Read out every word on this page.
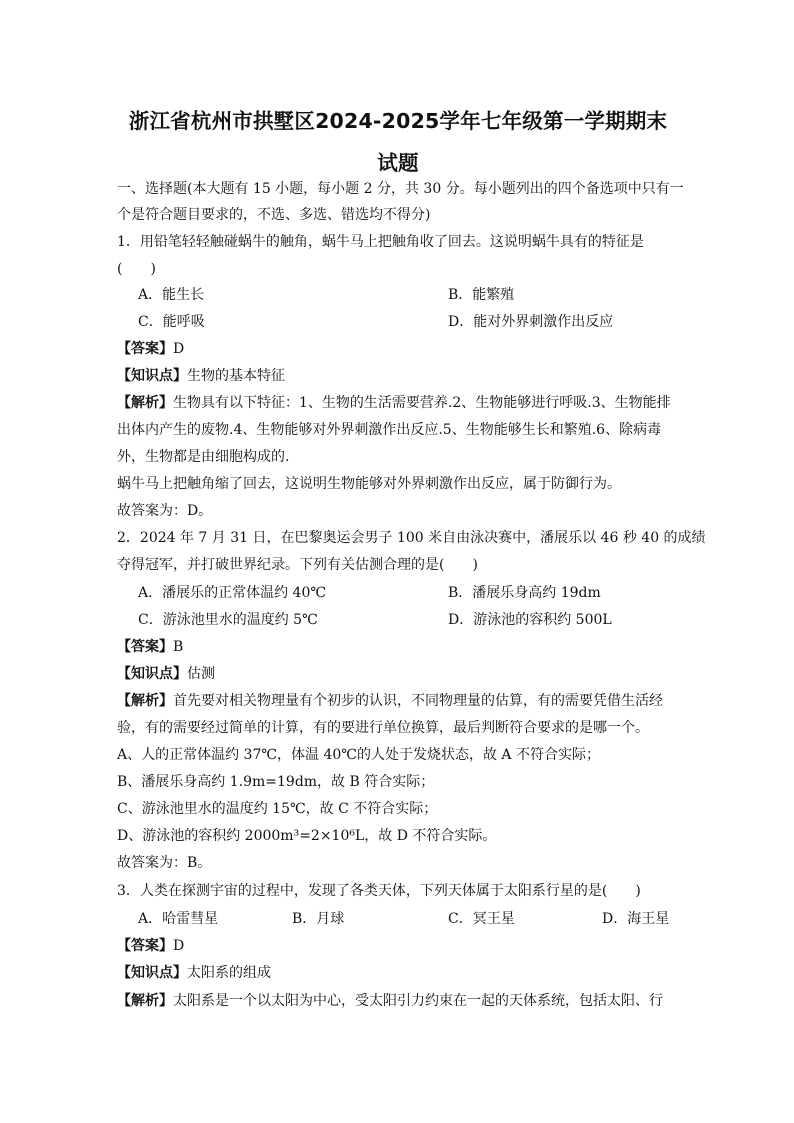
浙江省杭州市拱墅区2024-2025学年七年级第一学期期末
试题
一、选择题(本大题有 15 小题，每小题 2 分，共 30 分。每小题列出的四个备选项中只有一
个是符合题目要求的，不选、多选、错选均不得分)
1．用铅笔轻轻触碰蜗牛的触角，蜗牛马上把触角收了回去。这说明蜗牛具有的特征是
(　　)
A．能生长	B．能繁殖
C．能呼吸	D．能对外界刺激作出反应
【答案】D
【知识点】生物的基本特征
【解析】生物具有以下特征：1、生物的生活需要营养.2、生物能够进行呼吸.3、生物能排
出体内产生的废物.4、生物能够对外界刺激作出反应.5、生物能够生长和繁殖.6、除病毒
外，生物都是由细胞构成的.
蜗牛马上把触角缩了回去，这说明生物能够对外界刺激作出反应，属于防御行为。
故答案为：D。
2．2024 年 7 月 31 日，在巴黎奥运会男子 100 米自由泳决赛中，潘展乐以 46 秒 40 的成绩
夺得冠军，并打破世界纪录。下列有关估测合理的是(　　)
A．潘展乐的正常体温约 40℃	B．潘展乐身高约 19dm
C．游泳池里水的温度约 5℃	D．游泳池的容积约 500L
【答案】B
【知识点】估测
【解析】首先要对相关物理量有个初步的认识，不同物理量的估算，有的需要凭借生活经
验，有的需要经过简单的计算，有的要进行单位换算，最后判断符合要求的是哪一个。
A、人的正常体温约 37℃，体温 40℃的人处于发烧状态，故 A 不符合实际；
B、潘展乐身高约 1.9m=19dm，故 B 符合实际；
C、游泳池里水的温度约 15℃，故 C 不符合实际；
D、游泳池的容积约 2000m³=2×10⁶L，故 D 不符合实际。
故答案为：B。
3．人类在探测宇宙的过程中，发现了各类天体，下列天体属于太阳系行星的是(　　)
A．哈雷彗星	B．月球	C．冥王星	D．海王星
【答案】D
【知识点】太阳系的组成
【解析】太阳系是一个以太阳为中心，受太阳引力约束在一起的天体系统，包括太阳、行
